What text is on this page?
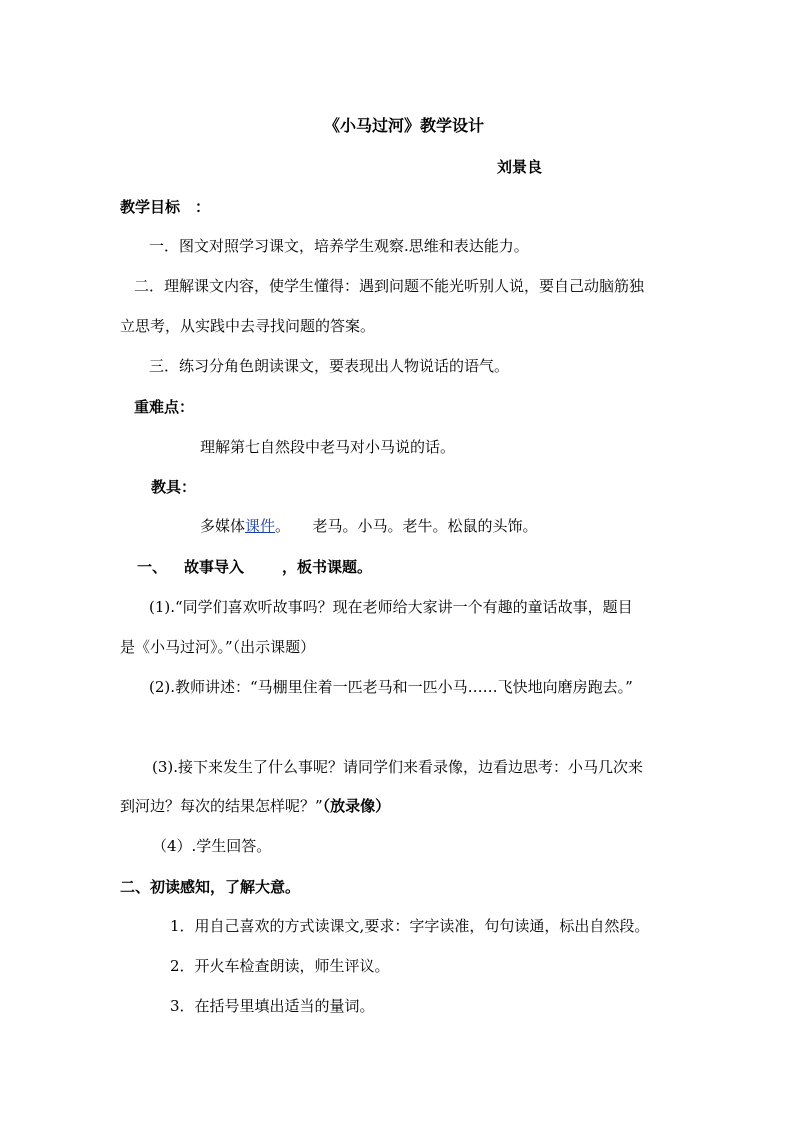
《小马过河》教学设计
刘景良
教学目标　：
一．图文对照学习课文，培养学生观察.思维和表达能力。
二．理解课文内容，使学生懂得：遇到问题不能光听别人说，要自己动脑筋独
立思考，从实践中去寻找问题的答案。
三．练习分角色朗读课文，要表现出人物说话的语气。
重难点：
理解第七自然段中老马对小马说的话。
教具：
多媒体课件。　　老马。小马。老牛。松鼠的头饰。
一、 故事导入	，板书课题。
(1).“同学们喜欢听故事吗？现在老师给大家讲一个有趣的童话故事，题目
是《小马过河》。”（出示课题）
(2).教师讲述：“马棚里住着一匹老马和一匹小马……飞快地向磨房跑去。”
(3).接下来发生了什么事呢？请同学们来看录像，边看边思考：小马几次来
到河边？每次的结果怎样呢？”（放录像）
（4）.学生回答。
二、初读感知，了解大意。
1．用自己喜欢的方式读课文,要求：字字读准，句句读通，标出自然段。
2．开火车检查朗读，师生评议。
3．在括号里填出适当的量词。
